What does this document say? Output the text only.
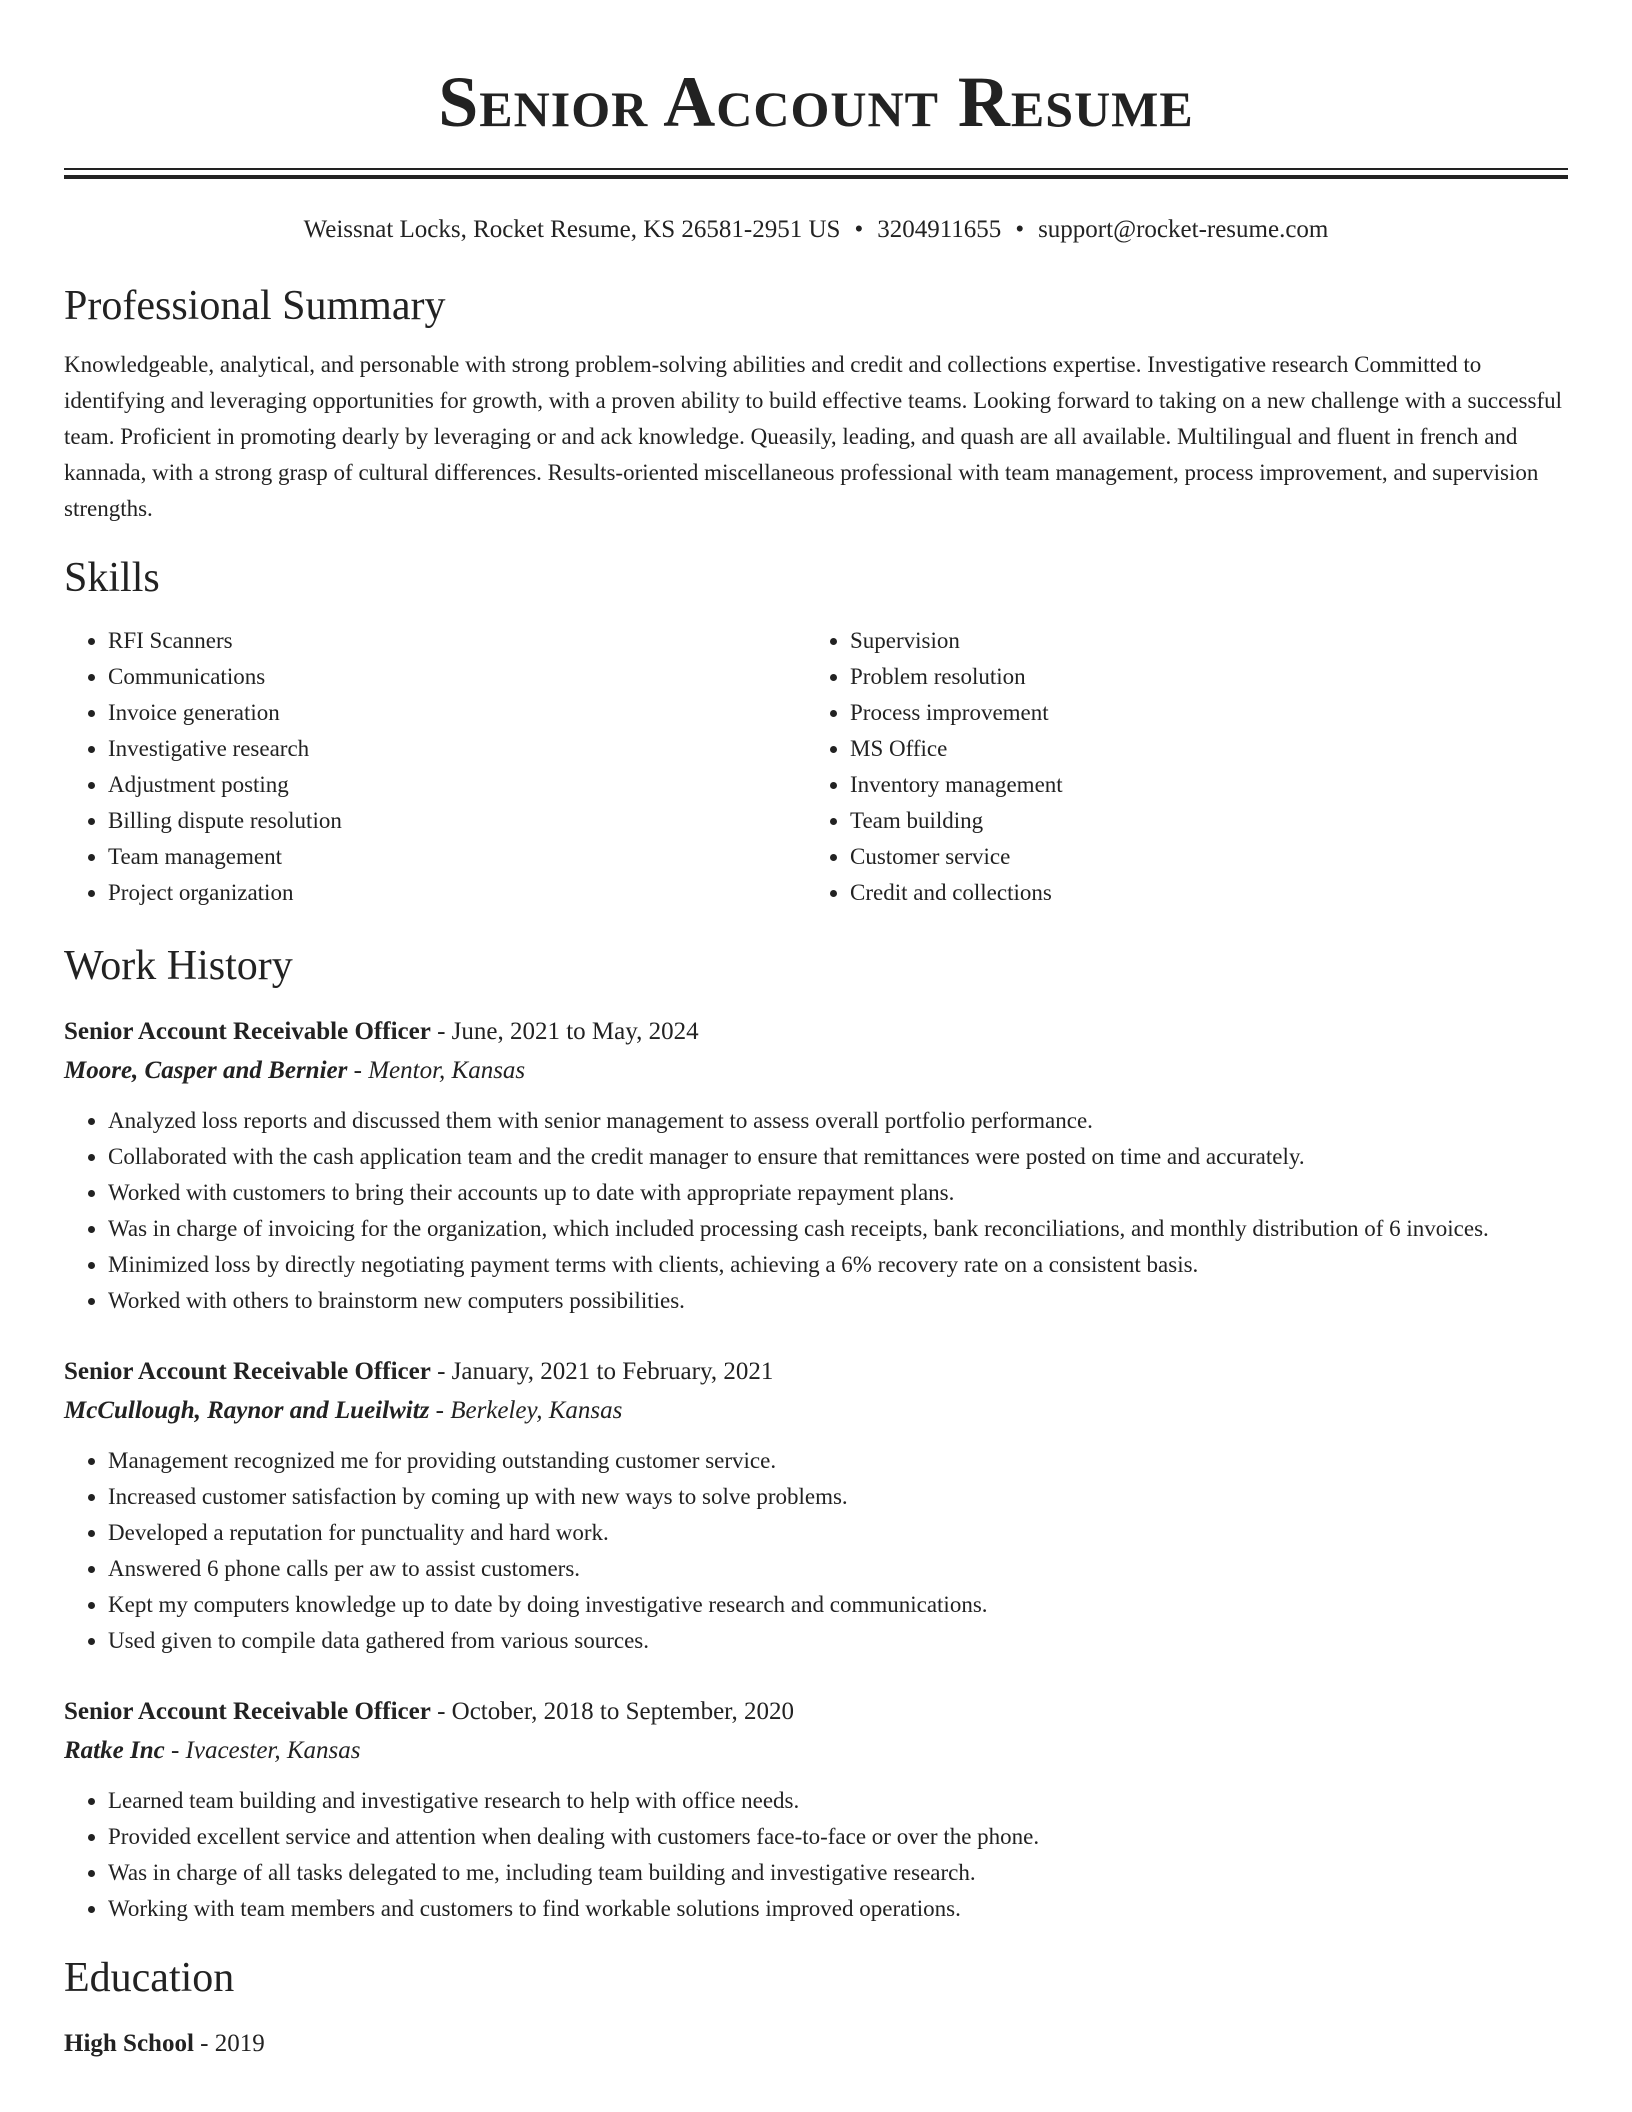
Senior Account Resume
Weissnat Locks, Rocket Resume, KS 26581-2951 US • 3204911655 • support@rocket-resume.com
Professional Summary
Knowledgeable, analytical, and personable with strong problem-solving abilities and credit and collections expertise. Investigative research Committed to identifying and leveraging opportunities for growth, with a proven ability to build effective teams. Looking forward to taking on a new challenge with a successful team. Proficient in promoting dearly by leveraging or and ack knowledge. Queasily, leading, and quash are all available. Multilingual and fluent in french and kannada, with a strong grasp of cultural differences. Results-oriented miscellaneous professional with team management, process improvement, and supervision strengths.
Skills
• RFI Scanners
• Communications
• Invoice generation
• Investigative research
• Adjustment posting
• Billing dispute resolution
• Team management
• Project organization
• Supervision
• Problem resolution
• Process improvement
• MS Office
• Inventory management
• Team building
• Customer service
• Credit and collections
Work History
Senior Account Receivable Officer - June, 2021 to May, 2024
Moore, Casper and Bernier - Mentor, Kansas
• Analyzed loss reports and discussed them with senior management to assess overall portfolio performance.
• Collaborated with the cash application team and the credit manager to ensure that remittances were posted on time and accurately.
• Worked with customers to bring their accounts up to date with appropriate repayment plans.
• Was in charge of invoicing for the organization, which included processing cash receipts, bank reconciliations, and monthly distribution of 6 invoices.
• Minimized loss by directly negotiating payment terms with clients, achieving a 6% recovery rate on a consistent basis.
• Worked with others to brainstorm new computers possibilities.
Senior Account Receivable Officer - January, 2021 to February, 2021
McCullough, Raynor and Lueilwitz - Berkeley, Kansas
• Management recognized me for providing outstanding customer service.
• Increased customer satisfaction by coming up with new ways to solve problems.
• Developed a reputation for punctuality and hard work.
• Answered 6 phone calls per aw to assist customers.
• Kept my computers knowledge up to date by doing investigative research and communications.
• Used given to compile data gathered from various sources.
Senior Account Receivable Officer - October, 2018 to September, 2020
Ratke Inc - Ivacester, Kansas
• Learned team building and investigative research to help with office needs.
• Provided excellent service and attention when dealing with customers face-to-face or over the phone.
• Was in charge of all tasks delegated to me, including team building and investigative research.
• Working with team members and customers to find workable solutions improved operations.
Education
High School - 2019
